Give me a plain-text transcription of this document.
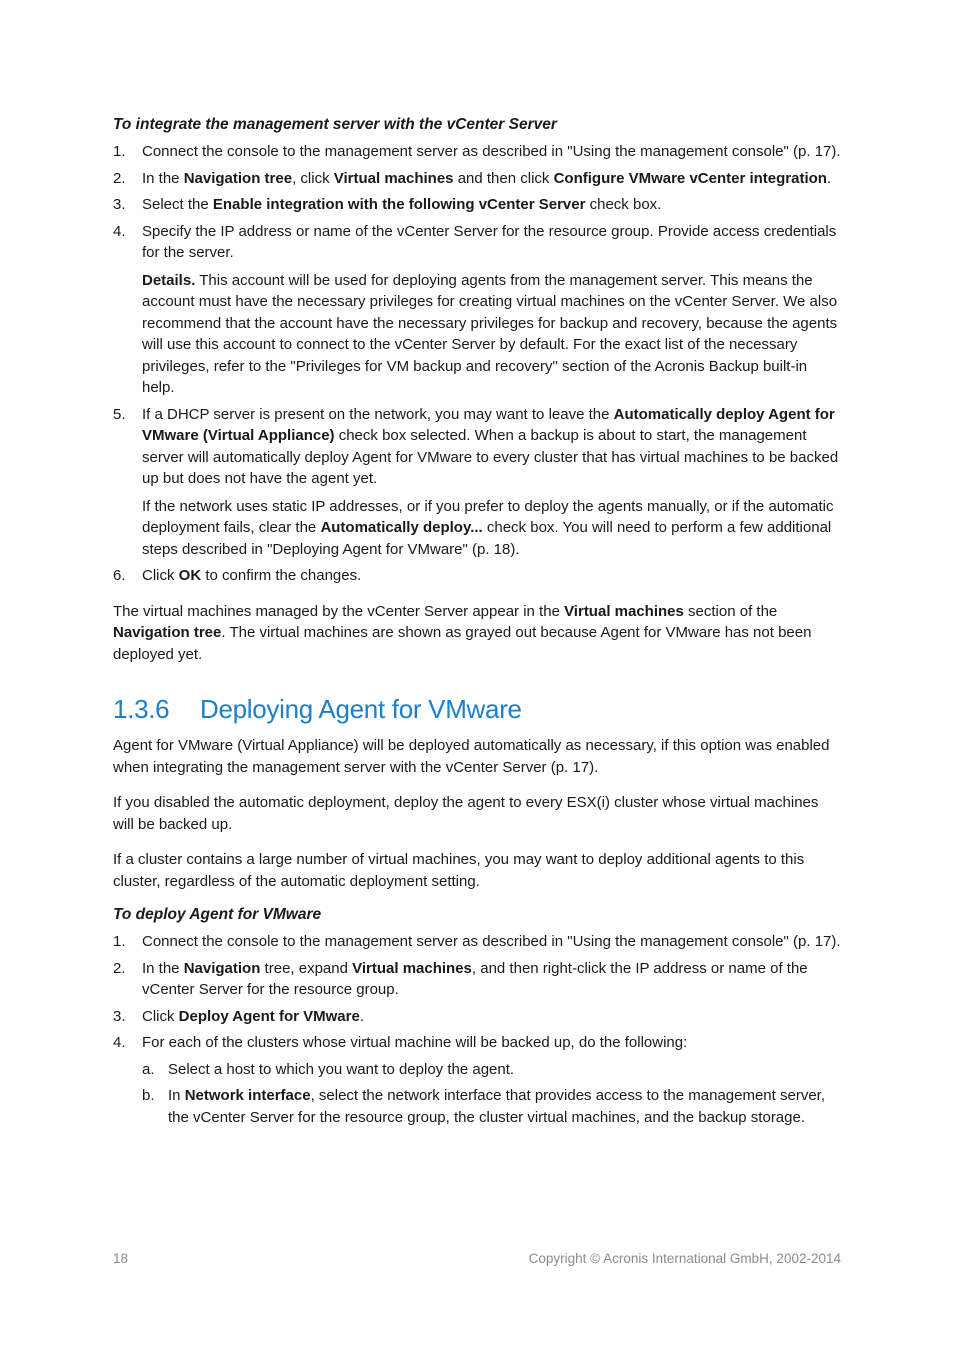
To integrate the management server with the vCenter Server
1. Connect the console to the management server as described in "Using the management console" (p. 17).

2. In the Navigation tree, click Virtual machines and then click Configure VMware vCenter integration.

3. Select the Enable integration with the following vCenter Server check box.

4. Specify the IP address or name of the vCenter Server for the resource group. Provide access credentials for the server.

Details. This account will be used for deploying agents from the management server. This means the account must have the necessary privileges for creating virtual machines on the vCenter Server. We also recommend that the account have the necessary privileges for backup and recovery, because the agents will use this account to connect to the vCenter Server by default. For the exact list of the necessary privileges, refer to the "Privileges for VM backup and recovery" section of the Acronis Backup built-in help.

5. If a DHCP server is present on the network, you may want to leave the Automatically deploy Agent for VMware (Virtual Appliance) check box selected. When a backup is about to start, the management server will automatically deploy Agent for VMware to every cluster that has virtual machines to be backed up but does not have the agent yet.

If the network uses static IP addresses, or if you prefer to deploy the agents manually, or if the automatic deployment fails, clear the Automatically deploy... check box. You will need to perform a few additional steps described in "Deploying Agent for VMware" (p. 18).

6. Click OK to confirm the changes.

The virtual machines managed by the vCenter Server appear in the Virtual machines section of the Navigation tree. The virtual machines are shown as grayed out because Agent for VMware has not been deployed yet.

1.3.6 Deploying Agent for VMware

Agent for VMware (Virtual Appliance) will be deployed automatically as necessary, if this option was enabled when integrating the management server with the vCenter Server (p. 17).

If you disabled the automatic deployment, deploy the agent to every ESX(i) cluster whose virtual machines will be backed up.

If a cluster contains a large number of virtual machines, you may want to deploy additional agents to this cluster, regardless of the automatic deployment setting.

To deploy Agent for VMware
1. Connect the console to the management server as described in "Using the management console" (p. 17).

2. In the Navigation tree, expand Virtual machines, and then right-click the IP address or name of the vCenter Server for the resource group.

3. Click Deploy Agent for VMware.

4. For each of the clusters whose virtual machine will be backed up, do the following:

a. Select a host to which you want to deploy the agent.

b. In Network interface, select the network interface that provides access to the management server, the vCenter Server for the resource group, the cluster virtual machines, and the backup storage.

18	Copyright © Acronis International GmbH, 2002-2014
